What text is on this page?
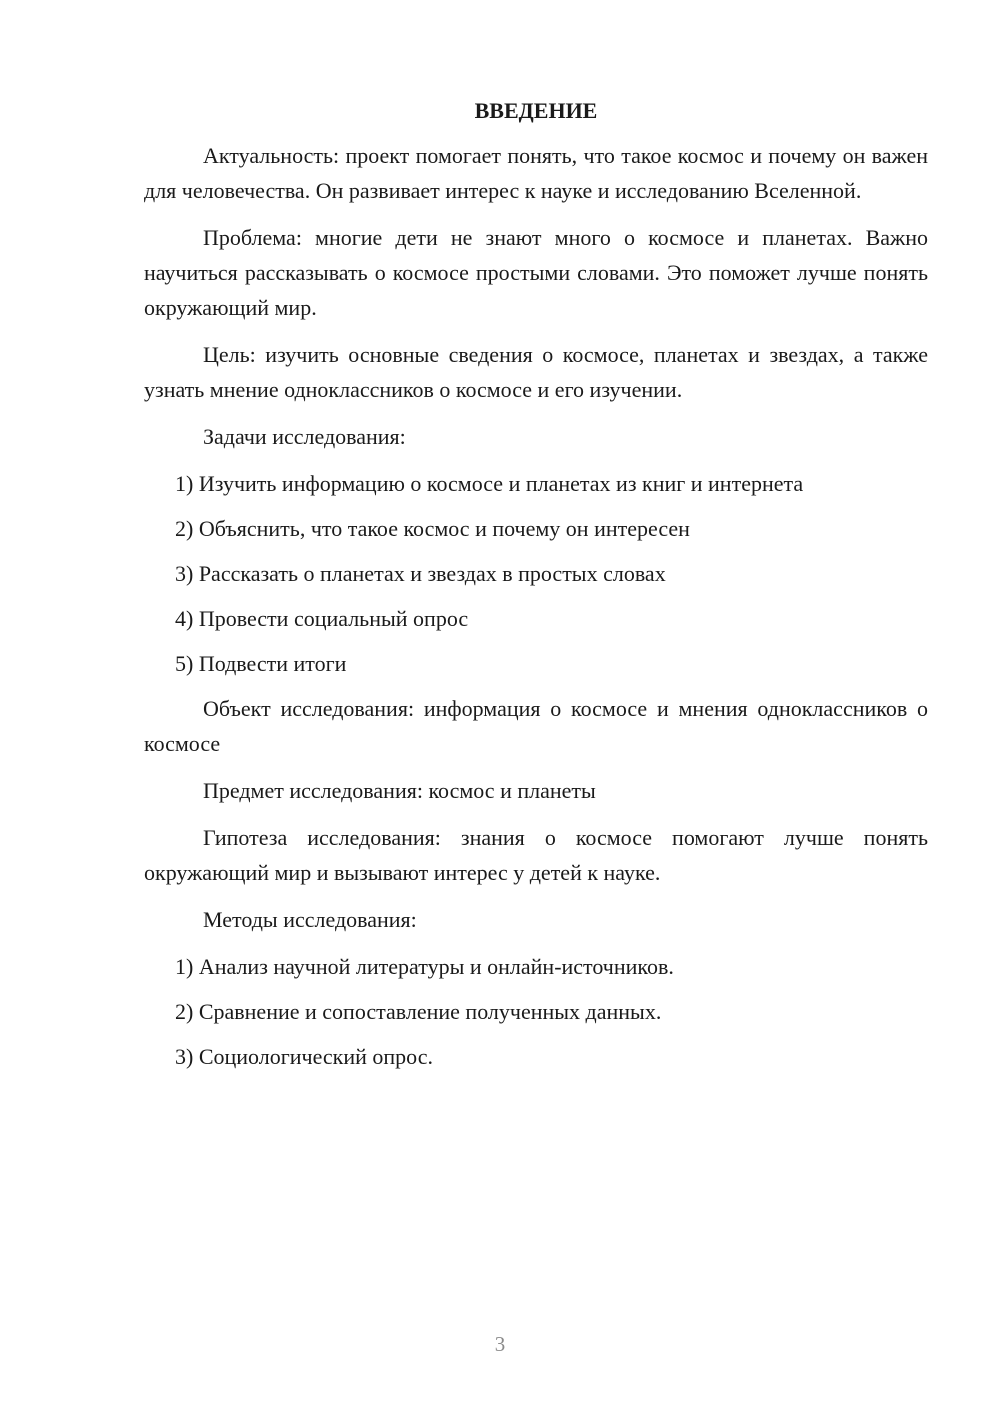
ВВЕДЕНИЕ

Актуальность: проект помогает понять, что такое космос и почему он важен для человечества. Он развивает интерес к науке и исследованию Вселенной.

Проблема: многие дети не знают много о космосе и планетах. Важно научиться рассказывать о космосе простыми словами. Это поможет лучше понять окружающий мир.

Цель: изучить основные сведения о космосе, планетах и звездах, а также узнать мнение одноклассников о космосе и его изучении.

Задачи исследования:
1) Изучить информацию о космосе и планетах из книг и интернета
2) Объяснить, что такое космос и почему он интересен
3) Рассказать о планетах и звездах в простых словах
4) Провести социальный опрос
5) Подвести итоги

Объект исследования: информация о космосе и мнения одноклассников о космосе

Предмет исследования: космос и планеты

Гипотеза исследования: знания о космосе помогают лучше понять окружающий мир и вызывают интерес у детей к науке.

Методы исследования:
1) Анализ научной литературы и онлайн-источников.
2) Сравнение и сопоставление полученных данных.
3) Социологический опрос.
3
